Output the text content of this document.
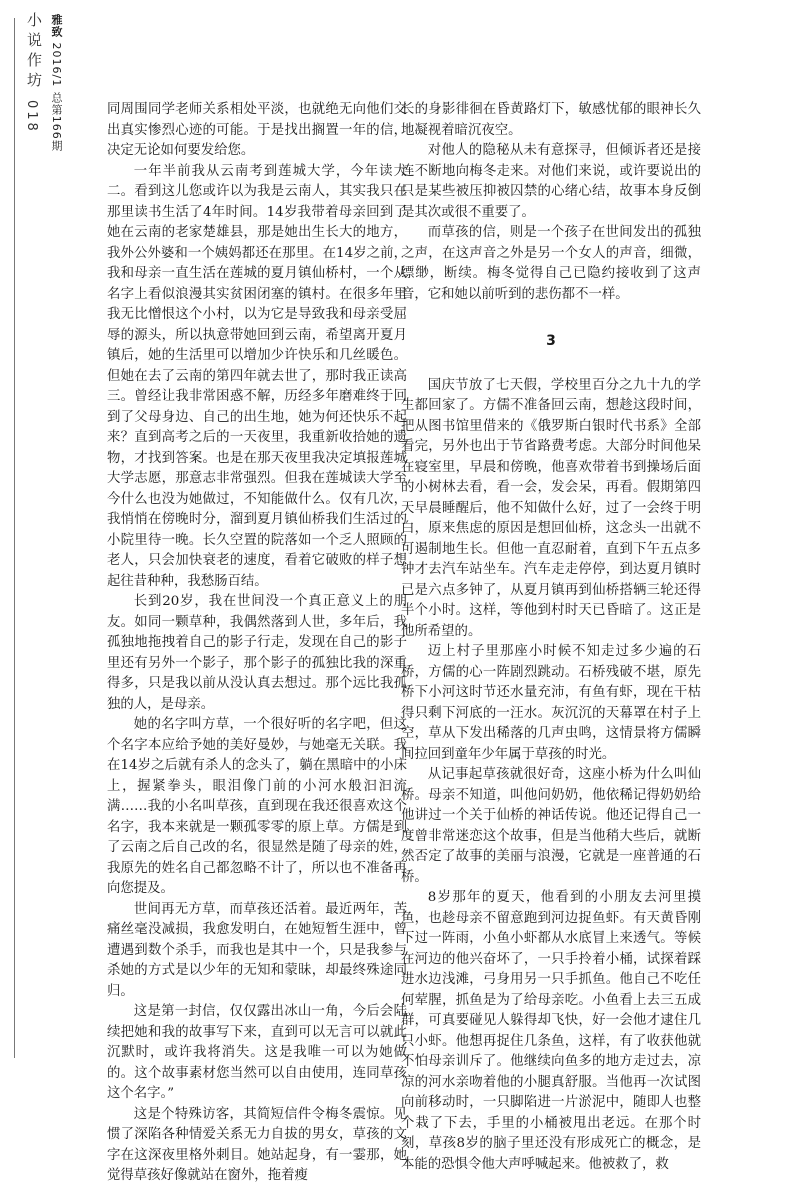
小说作坊
018
雅致 2016/1 总第166期

同周围同学老师关系相处平淡，也就绝无向他们交出真实惨烈心迹的可能。于是找出搁置一年的信，决定无论如何要发给您。

一年半前我从云南考到莲城大学，今年读大二。看到这儿您或许以为我是云南人，其实我只在那里读书生活了4年时间。14岁我带着母亲回到了她在云南的老家楚雄县，那是她出生长大的地方，我外公外婆和一个姨妈都还在那里。在14岁之前，我和母亲一直生活在莲城的夏月镇仙桥村，一个从名字上看似浪漫其实贫困闭塞的镇村。在很多年里我无比憎恨这个小村，以为它是导致我和母亲受屈辱的源头，所以执意带她回到云南，希望离开夏月镇后，她的生活里可以增加少许快乐和几丝暖色。但她在去了云南的第四年就去世了，那时我正读高三。曾经让我非常困惑不解，历经多年磨难终于回到了父母身边、自己的出生地，她为何还快乐不起来？直到高考之后的一天夜里，我重新收拾她的遗物，才找到答案。也是在那天夜里我决定填报莲城大学志愿，那意志非常强烈。但我在莲城读大学至今什么也没为她做过，不知能做什么。仅有几次，我悄悄在傍晚时分，溜到夏月镇仙桥我们生活过的小院里待一晚。长久空置的院落如一个乏人照顾的老人，只会加快衰老的速度，看着它破败的样子想起往昔种种，我愁肠百结。

长到20岁，我在世间没一个真正意义上的朋友。如同一颗草种，我偶然落到人世，多年后，我孤独地拖拽着自己的影子行走，发现在自己的影子里还有另外一个影子，那个影子的孤独比我的深重得多，只是我以前从没认真去想过。那个远比我孤独的人，是母亲。

她的名字叫方草，一个很好听的名字吧，但这个名字本应给予她的美好曼妙，与她毫无关联。我在14岁之后就有杀人的念头了，躺在黑暗中的小床上，握紧拳头，眼泪像门前的小河水般汩汩流满……我的小名叫草孩，直到现在我还很喜欢这个名字，我本来就是一颗孤零零的原上草。方儒是到了云南之后自己改的名，很显然是随了母亲的姓，我原先的姓名自己都忽略不计了，所以也不准备再向您提及。

世间再无方草，而草孩还活着。最近两年，苦痛丝毫没减损，我愈发明白，在她短暂生涯中，曾遭遇到数个杀手，而我也是其中一个，只是我参与杀她的方式是以少年的无知和蒙昧，却最终殊途同归。

这是第一封信，仅仅露出冰山一角，今后会陆续把她和我的故事写下来，直到可以无言可以就此沉默时，或许我将消失。这是我唯一可以为她做的。这个故事素材您当然可以自由使用，连同草孩这个名字。”

这是个特殊访客，其简短信件令梅冬震惊。见惯了深陷各种情爱关系无力自拔的男女，草孩的文字在这深夜里格外刺目。她站起身，有一霎那，她觉得草孩好像就站在窗外，拖着瘦

长的身影徘徊在昏黄路灯下，敏感忧郁的眼神长久地凝视着暗沉夜空。

对他人的隐秘从未有意探寻，但倾诉者还是接连不断地向梅冬走来。对他们来说，或许要说出的只是某些被压抑被囚禁的心绪心结，故事本身反倒是其次或很不重要了。

而草孩的信，则是一个孩子在世间发出的孤独之声，在这声音之外是另一个女人的声音，细微，缥缈，断续。梅冬觉得自己已隐约接收到了这声音，它和她以前听到的悲伤都不一样。

3

国庆节放了七天假，学校里百分之九十九的学生都回家了。方儒不准备回云南，想趁这段时间，把从图书馆里借来的《俄罗斯白银时代书系》全部看完，另外也出于节省路费考虑。大部分时间他呆在寝室里，早晨和傍晚，他喜欢带着书到操场后面的小树林去看，看一会，发会呆，再看。假期第四天早晨睡醒后，他不知做什么好，过了一会终于明白，原来焦虑的原因是想回仙桥，这念头一出就不可遏制地生长。但他一直忍耐着，直到下午五点多钟才去汽车站坐车。汽车走走停停，到达夏月镇时已是六点多钟了，从夏月镇再到仙桥搭辆三轮还得半个小时。这样，等他到村时天已昏暗了。这正是他所希望的。

迈上村子里那座小时候不知走过多少遍的石桥，方儒的心一阵剧烈跳动。石桥残破不堪，原先桥下小河这时节还水量充沛，有鱼有虾，现在干枯得只剩下河底的一汪水。灰沉沉的天幕罩在村子上空，草从下发出稀落的几声虫鸣，这情景将方儒瞬间拉回到童年少年属于草孩的时光。

从记事起草孩就很好奇，这座小桥为什么叫仙桥。母亲不知道，叫他问奶奶，他依稀记得奶奶给他讲过一个关于仙桥的神话传说。他还记得自己一度曾非常迷恋这个故事，但是当他稍大些后，就断然否定了故事的美丽与浪漫，它就是一座普通的石桥。

8岁那年的夏天，他看到的小朋友去河里摸鱼，也趁母亲不留意跑到河边捉鱼虾。有天黄昏刚下过一阵雨，小鱼小虾都从水底冒上来透气。等候在河边的他兴奋坏了，一只手拎着小桶，试探着踩进水边浅滩，弓身用另一只手抓鱼。他自己不吃任何荤腥，抓鱼是为了给母亲吃。小鱼看上去三五成群，可真要碰见人躲得却飞快，好一会他才逮住几只小虾。他想再捉住几条鱼，这样，有了收获他就不怕母亲训斥了。他继续向鱼多的地方走过去，凉凉的河水亲吻着他的小腿真舒服。当他再一次试图向前移动时，一只脚陷进一片淤泥中，随即人也整个栽了下去，手里的小桶被甩出老远。在那个时刻，草孩8岁的脑子里还没有形成死亡的概念，是本能的恐惧令他大声呼喊起来。他被救了，救
